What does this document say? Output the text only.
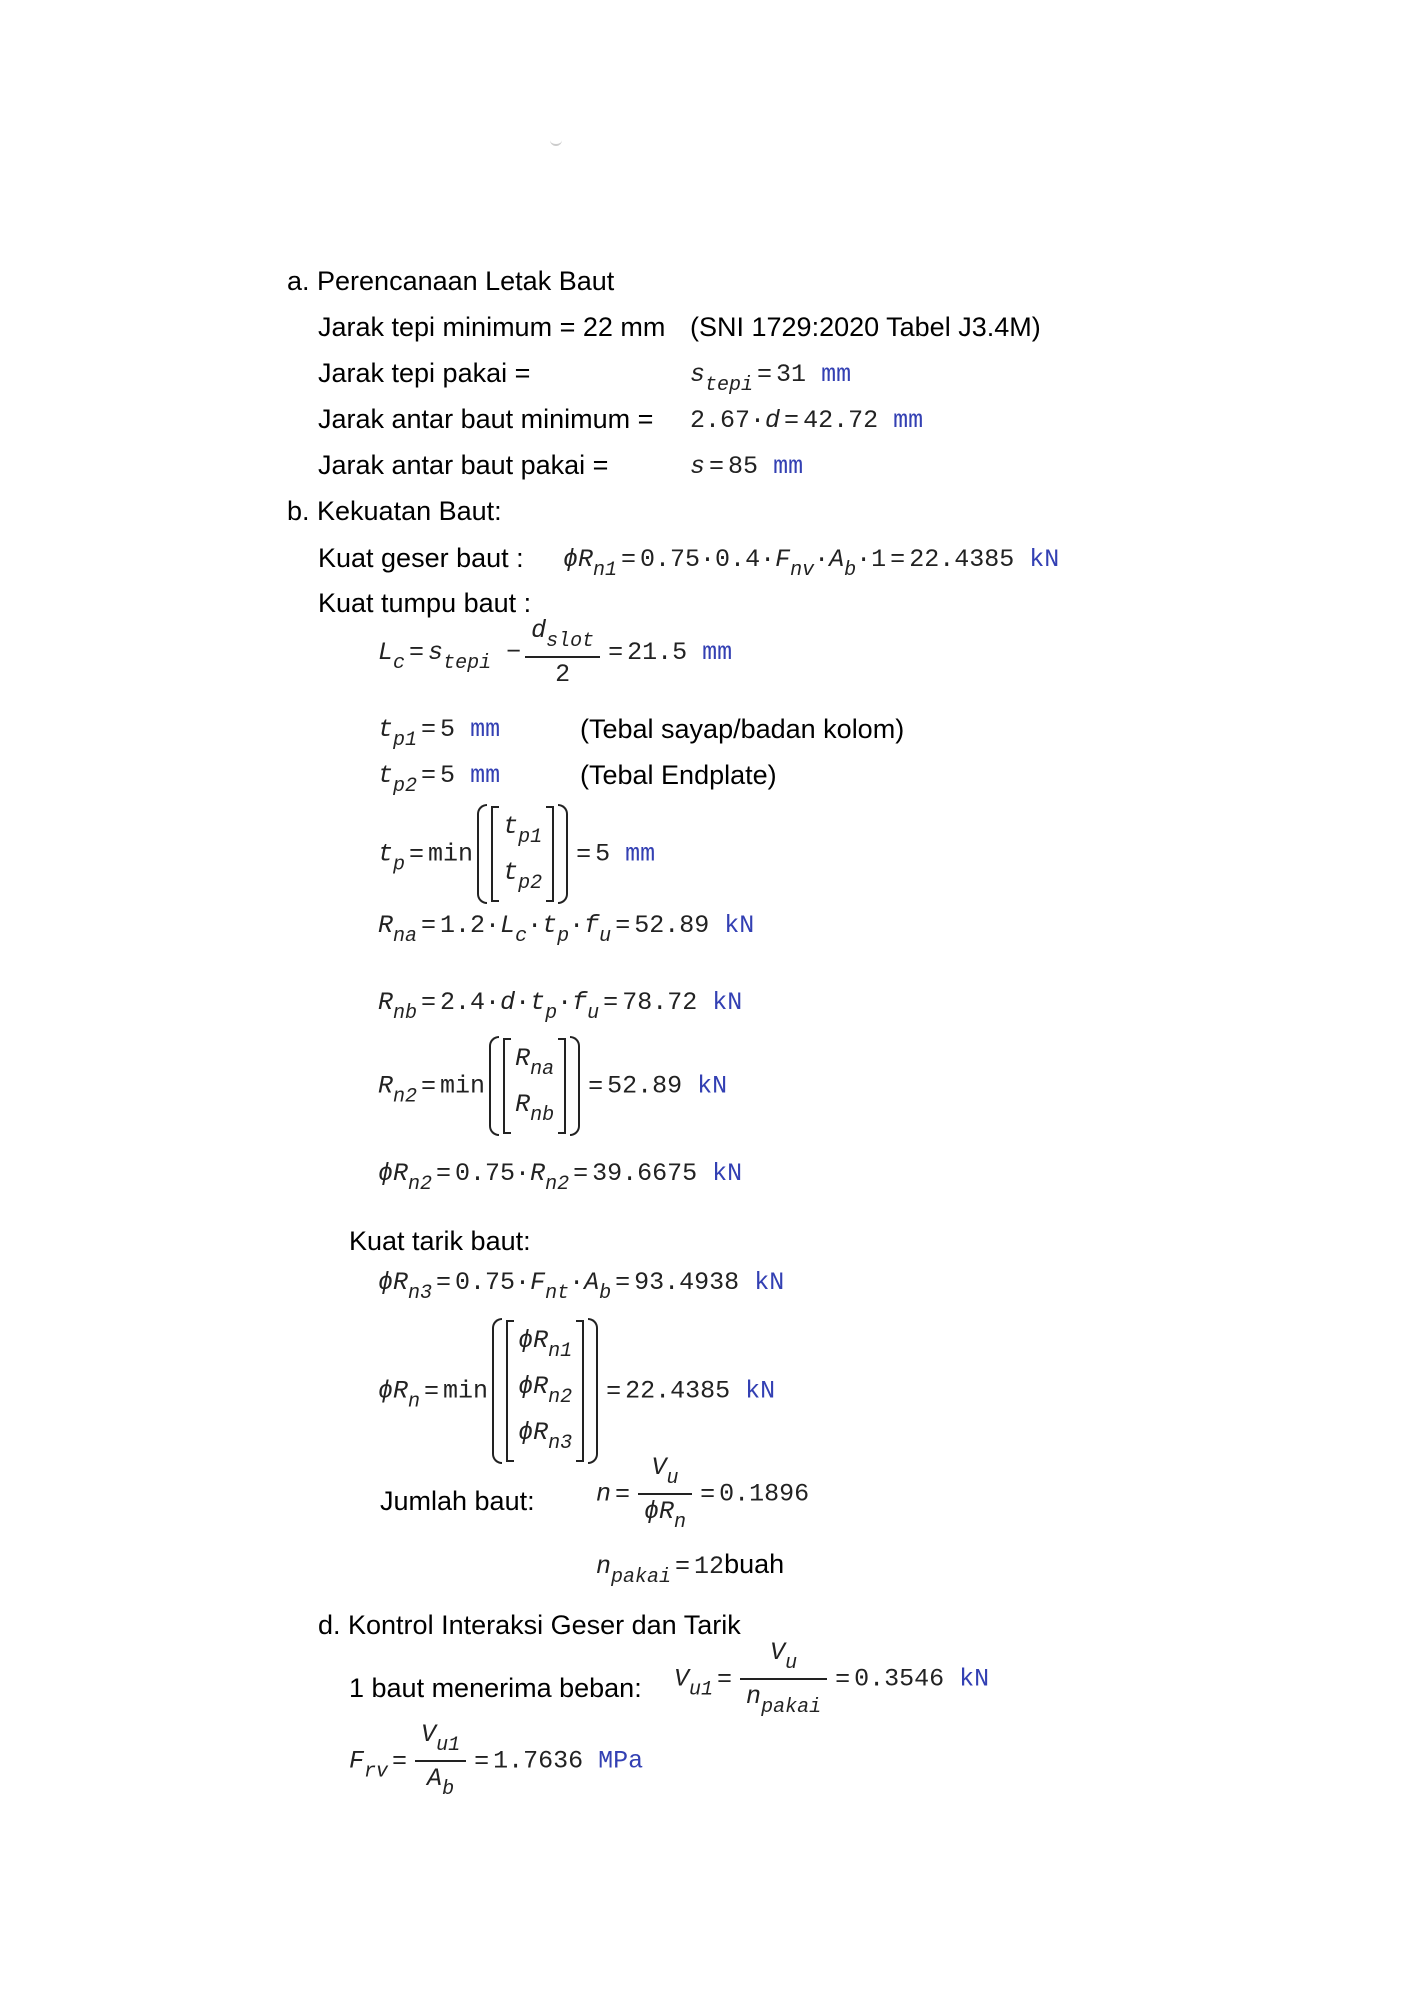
a. Perencanaan Letak Baut
Jarak tepi minimum = 22 mm (SNI 1729:2020 Tabel J3.4M)
Jarak tepi pakai =	$s_{tepi} = 31$ mm
Jarak antar baut minimum = 2.67·d = 42.72 mm
Jarak antar baut pakai =	s = 85 mm
b. Kekuatan Baut:
Kuat geser baut : $\phi R_{n1} = 0.75\cdot 0.4\cdot F_{nv}\cdot A_b\cdot 1 = 22.4385$ kN
Kuat tumpu baut :
$L_c = s_{tepi} - \frac{d_{slot}}{2} = 21.5$ mm
$t_{p1} = 5$ mm	(Tebal sayap/badan kolom)
$t_{p2} = 5$ mm	(Tebal Endplate)
$t_p = \min$
$t_{p1}$
$t_{p2}$
= 5 mm
$R_{na} = 1.2\cdot L_c\cdot t_p\cdot f_u = 52.89$ kN
$R_{nb} = 2.4\cdot d\cdot t_p\cdot f_u = 78.72$ kN
$R_{n2} = \min$
$R_{na}$
$R_{nb}$
= 52.89 kN
$\phi R_{n2} = 0.75\cdot R_{n2} = 39.6675$ kN
Kuat tarik baut:
$\phi R_{n3} = 0.75\cdot F_{nt}\cdot A_b = 93.4938$ kN
$\phi R_n = \min$
$\phi R_{n1}$
$\phi R_{n2}$
$\phi R_{n3}$
= 22.4385 kN
Jumlah baut: $n = \frac{V_u}{\phi R_n} = 0.1896$
$n_{pakai}$ = 12buah
d. Kontrol Interaksi Geser dan Tarik
1 baut menerima beban: $V_{u1} = \frac{V_u}{n_{pakai}} = 0.3546$ kN
$F_{rv} = \frac{V_{u1}}{A_b} = 1.7636$ MPa
